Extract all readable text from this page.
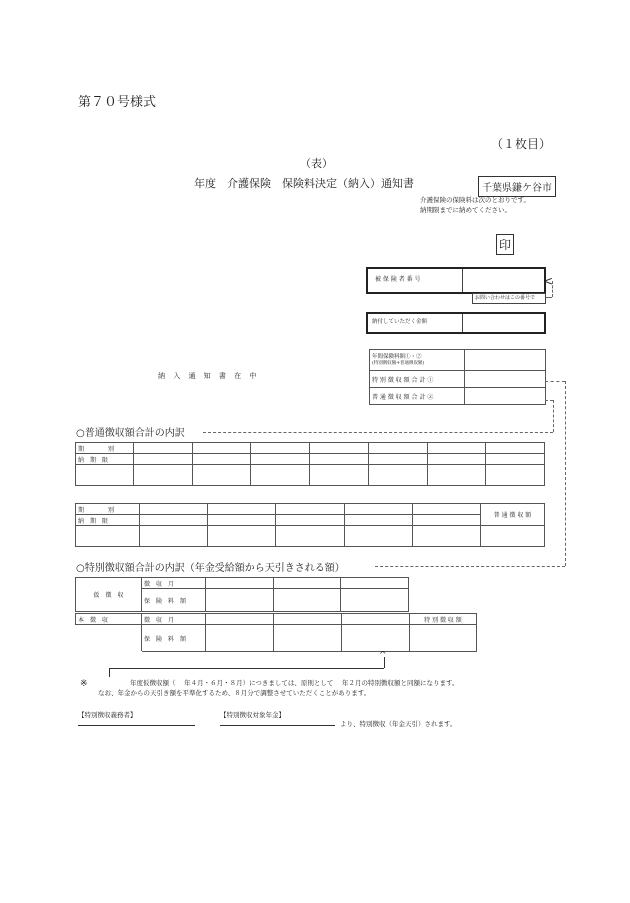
第７０号様式
（１枚目）
（表）
年度　介護保険　保険料決定（納入）通知書	千葉県鎌ケ谷市
介護保険の保険料は次のとおりです。
納期限までに納めてください。
印
被 保 険 者 番 号	<
お問い合わせはこの番号で
納付していただく金額
年間保険料額①・②
(特別徴収額+普通徴収額)	

特 別 徴 収 額 合 計 ①	
普 通 徴 収 額 合 計 ②	
納 入 通 知 書 在 中
○普通徴収額合計の内訳
期　　　　別							
納　期　限							

期　　　　別						普 通 徴 収 額
納　期　限						

○特別徴収額合計の内訳（年金受給額から天引きされる額）
仮　徴　収	徴　収　月			
	保　険　料　額			
本　徴　収	徴　収　月				特 別 徴 収 額
	保　険　料　額				
^
※	年度仮徴収額（　 年４月・６月・８月）につきましては、原則として　 年２月の特別徴収額と同額になります。
なお、年金からの天引き額を平準化するため、８月分で調整させていただくことがあります。
【特別徴収義務者】	【特別徴収対象年金】
より、特別徴収（年金天引）されます。
